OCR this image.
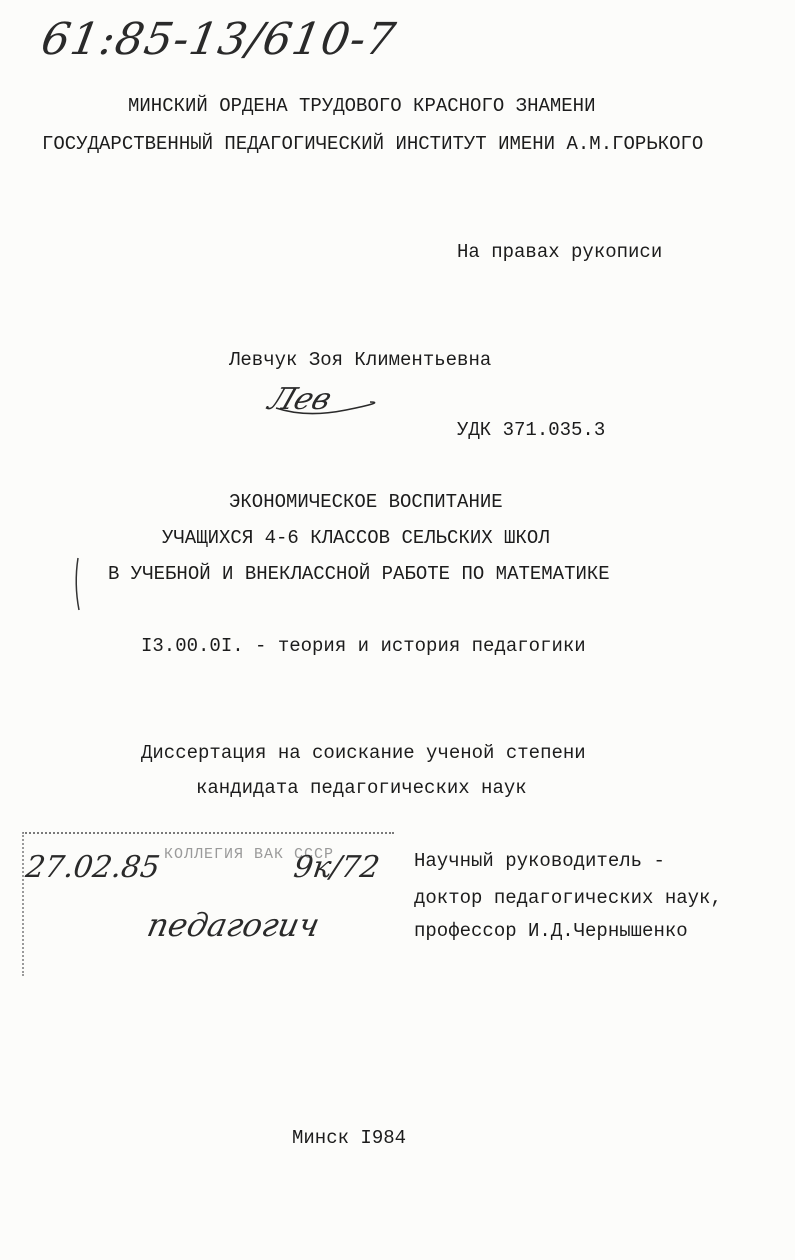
61:85-13/610-7
МИНСКИЙ ОРДЕНА ТРУДОВОГО КРАСНОГО ЗНАМЕНИ
ГОСУДАРСТВЕННЫЙ ПЕДАГОГИЧЕСКИЙ ИНСТИТУТ ИМЕНИ А.М.ГОРЬКОГО
На правах рукописи
Левчук Зоя Климентьевна
Лев
УДК 371.035.3
ЭКОНОМИЧЕСКОЕ ВОСПИТАНИЕ
УЧАЩИХСЯ 4-6 КЛАССОВ СЕЛЬСКИХ ШКОЛ
В УЧЕБНОЙ И ВНЕКЛАССНОЙ РАБОТЕ ПО МАТЕМАТИКЕ
I3.00.0I. - теория и история педагогики
Диссертация на соискание ученой степени
кандидата педагогических наук
КОЛЛЕГИЯ ВАК СССР
27.02.85	9к/72
педагогич
Научный руководитель -
доктор педагогических наук,
профессор И.Д.Чернышенко
Минск I984
